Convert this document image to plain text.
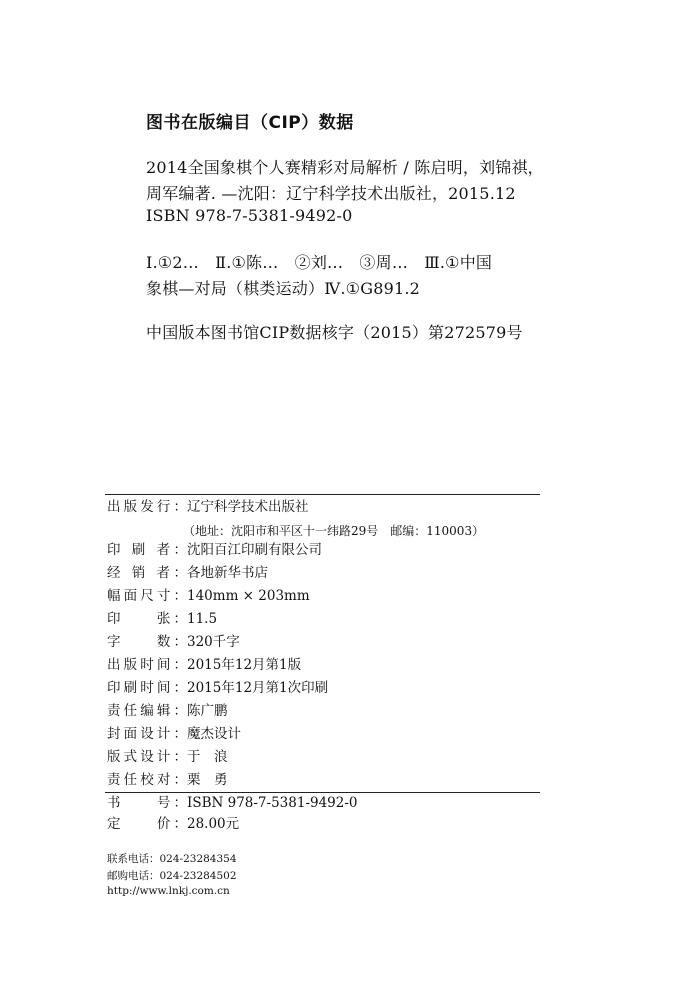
图书在版编目（CIP）数据
2014全国象棋个人赛精彩对局解析 / 陈启明，刘锦祺，
周军编著. —沈阳：辽宁科学技术出版社，2015.12
ISBN 978-7-5381-9492-0
Ⅰ.①2…　Ⅱ.①陈…　②刘…　③周…　Ⅲ.①中国
象棋—对局（棋类运动）Ⅳ.①G891.2
中国版本图书馆CIP数据核字（2015）第272579号
出版发行：辽宁科学技术出版社
（地址：沈阳市和平区十一纬路29号　邮编：110003）
印 刷 者：沈阳百江印刷有限公司
经 销 者：各地新华书店
幅面尺寸：140mm × 203mm
印　　张：11.5
字　　数：320千字
出版时间：2015年12月第1版
印刷时间：2015年12月第1次印刷
责任编辑：陈广鹏
封面设计：魔杰设计
版式设计：于　浪
责任校对：栗　勇
书　　号：ISBN 978-7-5381-9492-0
定　　价：28.00元
联系电话：024-23284354
邮购电话：024-23284502
http://www.lnkj.com.cn
